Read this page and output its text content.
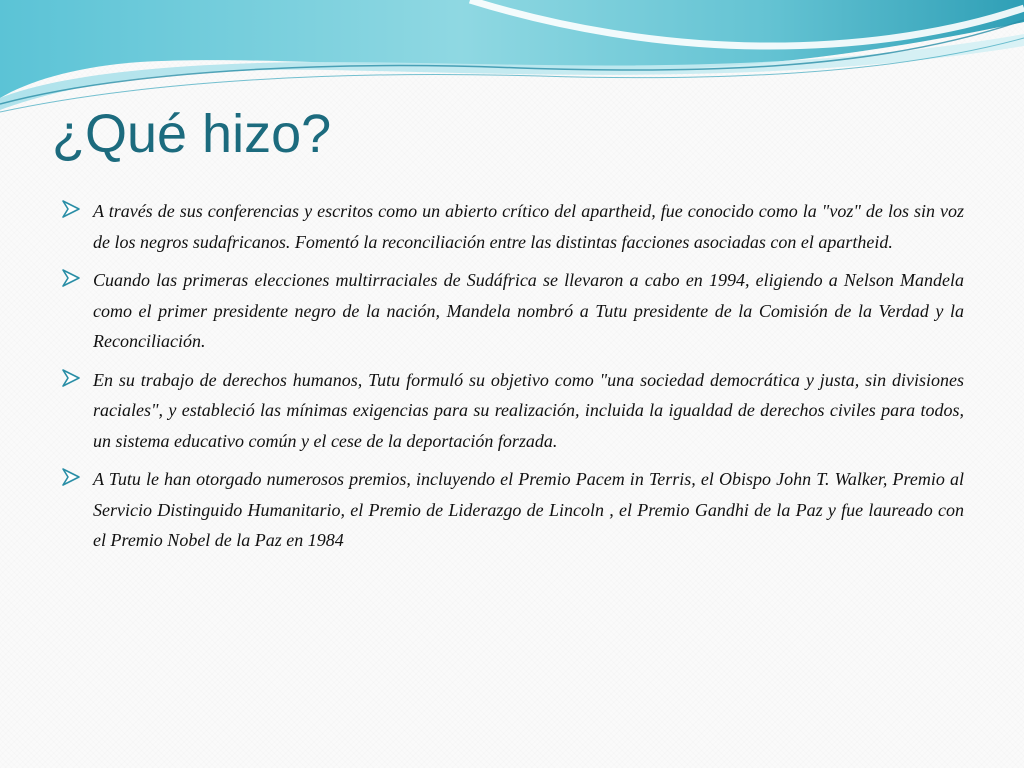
¿Qué hizo?
A través de sus conferencias y escritos como un abierto crítico del apartheid, fue conocido como la "voz" de los sin voz de los negros sudafricanos. Fomentó la reconciliación entre las distintas facciones asociadas con el apartheid.
Cuando las primeras elecciones multirraciales de Sudáfrica se llevaron a cabo en 1994, eligiendo a Nelson Mandela como el primer presidente negro de la nación, Mandela nombró a Tutu presidente de la Comisión de la Verdad y la Reconciliación.
En su trabajo de derechos humanos, Tutu formuló su objetivo como "una sociedad democrática y justa, sin divisiones raciales", y estableció las mínimas exigencias para su realización, incluida la igualdad de derechos civiles para todos, un sistema educativo común y el cese de la deportación forzada.
A Tutu le han otorgado numerosos premios, incluyendo el Premio Pacem in Terris, el Obispo John T. Walker, Premio al Servicio Distinguido Humanitario, el Premio de Liderazgo de Lincoln , el Premio Gandhi de la Paz y fue laureado con el Premio Nobel de la Paz en 1984
